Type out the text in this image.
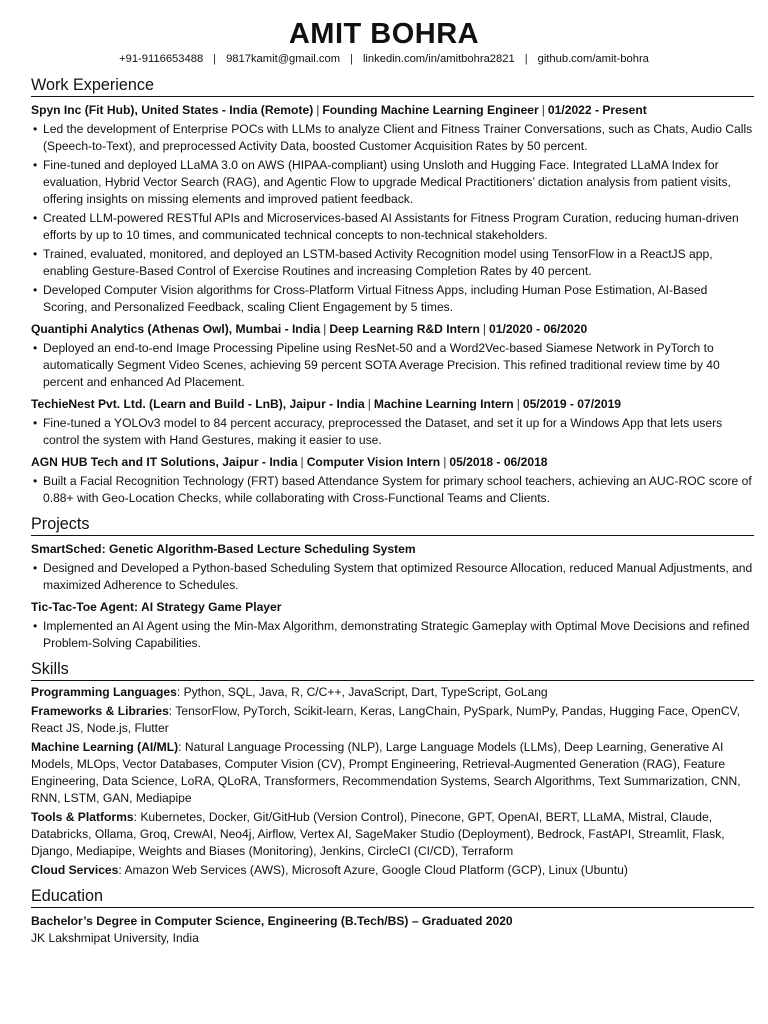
AMIT BOHRA
+91-9116653488 | 9817kamit@gmail.com | linkedin.com/in/amitbohra2821 | github.com/amit-bohra
Work Experience
Spyn Inc (Fit Hub), United States - India (Remote) | Founding Machine Learning Engineer | 01/2022 - Present
• Led the development of Enterprise POCs with LLMs to analyze Client and Fitness Trainer Conversations, such as Chats, Audio Calls (Speech-to-Text), and preprocessed Activity Data, boosted Customer Acquisition Rates by 50 percent.
• Fine-tuned and deployed LLaMA 3.0 on AWS (HIPAA-compliant) using Unsloth and Hugging Face. Integrated LLaMA Index for evaluation, Hybrid Vector Search (RAG), and Agentic Flow to upgrade Medical Practitioners’ dictation analysis from patient visits, offering insights on missing elements and improved patient feedback.
• Created LLM-powered RESTful APIs and Microservices-based AI Assistants for Fitness Program Curation, reducing human-driven efforts by up to 10 times, and communicated technical concepts to non-technical stakeholders.
• Trained, evaluated, monitored, and deployed an LSTM-based Activity Recognition model using TensorFlow in a ReactJS app, enabling Gesture-Based Control of Exercise Routines and increasing Completion Rates by 40 percent.
• Developed Computer Vision algorithms for Cross-Platform Virtual Fitness Apps, including Human Pose Estimation, AI-Based Scoring, and Personalized Feedback, scaling Client Engagement by 5 times.
Quantiphi Analytics (Athenas Owl), Mumbai - India | Deep Learning R&D Intern | 01/2020 - 06/2020
• Deployed an end-to-end Image Processing Pipeline using ResNet-50 and a Word2Vec-based Siamese Network in PyTorch to automatically Segment Video Scenes, achieving 59 percent SOTA Average Precision. This refined traditional review time by 40 percent and enhanced Ad Placement.
TechieNest Pvt. Ltd. (Learn and Build - LnB), Jaipur - India | Machine Learning Intern | 05/2019 - 07/2019
• Fine-tuned a YOLOv3 model to 84 percent accuracy, preprocessed the Dataset, and set it up for a Windows App that lets users control the system with Hand Gestures, making it easier to use.
AGN HUB Tech and IT Solutions, Jaipur - India | Computer Vision Intern | 05/2018 - 06/2018
• Built a Facial Recognition Technology (FRT) based Attendance System for primary school teachers, achieving an AUC-ROC score of 0.88+ with Geo-Location Checks, while collaborating with Cross-Functional Teams and Clients.
Projects
SmartSched: Genetic Algorithm-Based Lecture Scheduling System
• Designed and Developed a Python-based Scheduling System that optimized Resource Allocation, reduced Manual Adjustments, and maximized Adherence to Schedules.
Tic-Tac-Toe Agent: AI Strategy Game Player
• Implemented an AI Agent using the Min-Max Algorithm, demonstrating Strategic Gameplay with Optimal Move Decisions and refined Problem-Solving Capabilities.
Skills
Programming Languages: Python, SQL, Java, R, C/C++, JavaScript, Dart, TypeScript, GoLang
Frameworks & Libraries: TensorFlow, PyTorch, Scikit-learn, Keras, LangChain, PySpark, NumPy, Pandas, Hugging Face, OpenCV, React JS, Node.js, Flutter
Machine Learning (AI/ML): Natural Language Processing (NLP), Large Language Models (LLMs), Deep Learning, Generative AI Models, MLOps, Vector Databases, Computer Vision (CV), Prompt Engineering, Retrieval-Augmented Generation (RAG), Feature Engineering, Data Science, LoRA, QLoRA, Transformers, Recommendation Systems, Search Algorithms, Text Summarization, CNN, RNN, LSTM, GAN, Mediapipe
Tools & Platforms: Kubernetes, Docker, Git/GitHub (Version Control), Pinecone, GPT, OpenAI, BERT, LLaMA, Mistral, Claude, Databricks, Ollama, Groq, CrewAI, Neo4j, Airflow, Vertex AI, SageMaker Studio (Deployment), Bedrock, FastAPI, Streamlit, Flask, Django, Mediapipe, Weights and Biases (Monitoring), Jenkins, CircleCI (CI/CD), Terraform
Cloud Services: Amazon Web Services (AWS), Microsoft Azure, Google Cloud Platform (GCP), Linux (Ubuntu)
Education
Bachelor’s Degree in Computer Science, Engineering (B.Tech/BS) – Graduated 2020
JK Lakshmipat University, India
